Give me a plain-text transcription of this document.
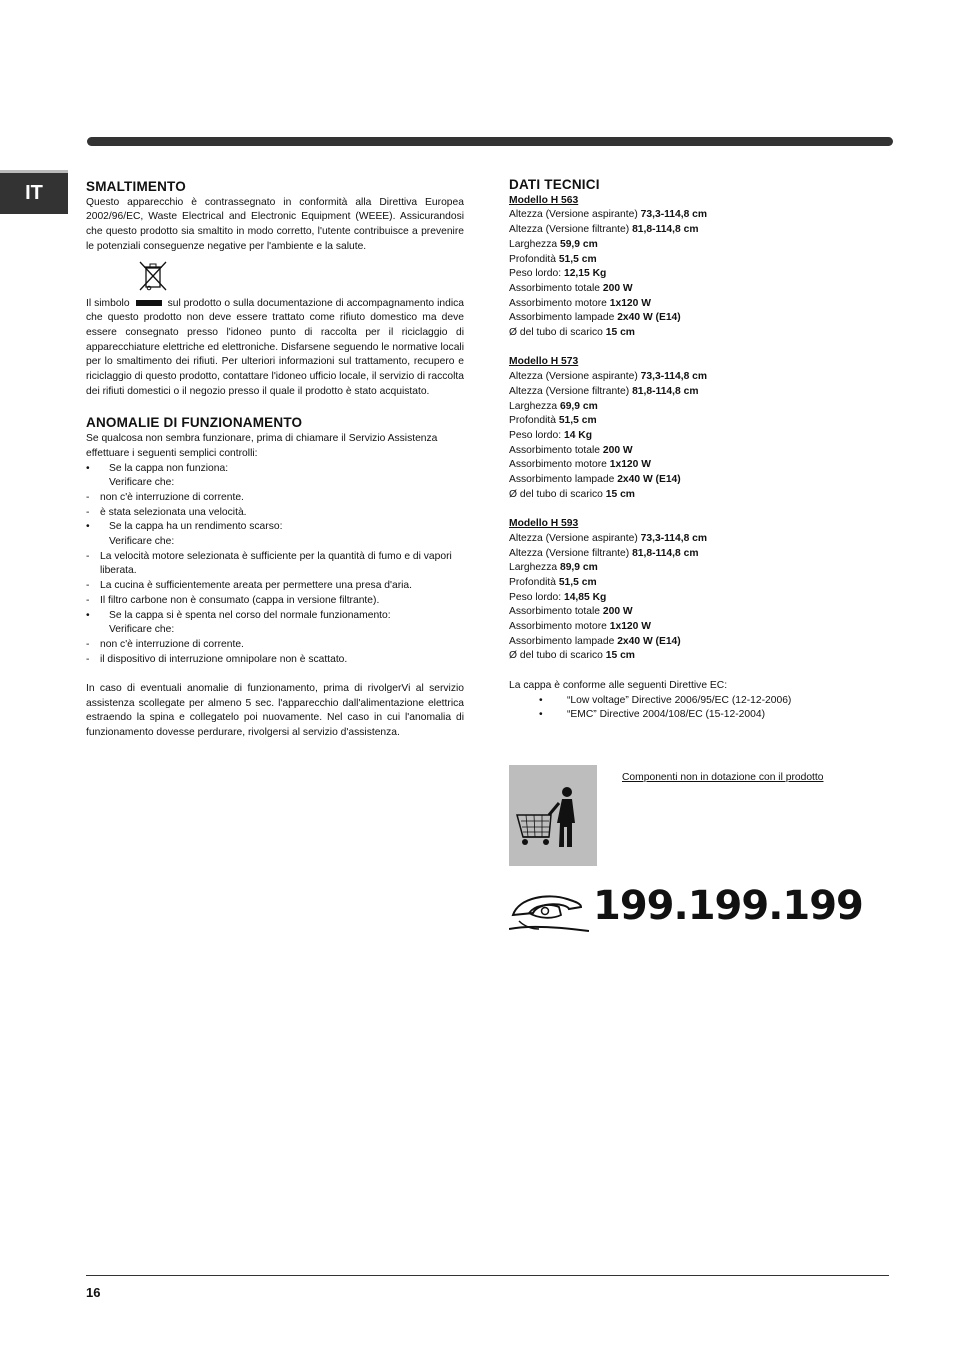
IT	SMALTIMENTO

Questo apparecchio è contrassegnato in conformità alla Direttiva Europea 2002/96/EC, Waste Electrical and Electronic Equipment (WEEE). Assicurandosi che questo prodotto sia smaltito in modo corretto, l'utente contribuisce a prevenire le potenziali conseguenze negative per l'ambiente e la salute.

Il simbolo	sul prodotto o sulla documentazione di accompagnamento indica che questo prodotto non deve essere trattato come rifiuto domestico ma deve essere consegnato presso l'idoneo punto di raccolta per il riciclaggio di apparecchiature elettriche ed elettroniche. Disfarsene seguendo le normative locali per lo smaltimento dei rifiuti. Per ulteriori informazioni sul trattamento, recupero e riciclaggio di questo prodotto, contattare l'idoneo ufficio locale, il servizio di raccolta dei rifiuti domestici o il negozio presso il quale il prodotto è stato acquistato.

ANOMALIE DI FUNZIONAMENTO

Se qualcosa non sembra funzionare, prima di chiamare il Servizio Assistenza effettuare i seguenti semplici controlli:

• Se la cappa non funziona:
Verificare che:
- non c'è interruzione di corrente.
- è stata selezionata una velocità.
• Se la cappa ha un rendimento scarso:
Verificare che:
- La velocità motore selezionata è sufficiente per la quantità di fumo e di vapori liberata.
- La cucina è sufficientemente areata per permettere una presa d'aria.
- Il filtro carbone non è consumato (cappa in versione filtrante).
• Se la cappa si è spenta nel corso del normale funzionamento:
Verificare che:
- non c'è interruzione di corrente.
- il dispositivo di interruzione omnipolare non è scattato.

In caso di eventuali anomalie di funzionamento, prima di rivolgerVi al servizio assistenza scollegate per almeno 5 sec. l'apparecchio dall'alimentazione elettrica estraendo la spina e collegatelo poi nuovamente. Nel caso in cui l'anomalia di funzionamento dovesse perdurare, rivolgersi al servizio d'assistenza.

DATI TECNICI
Modello H 563
Altezza (Versione aspirante) 73,3-114,8 cm
Altezza (Versione filtrante) 81,8-114,8 cm
Larghezza 59,9 cm
Profondità 51,5 cm
Peso lordo: 12,15 Kg
Assorbimento totale 200 W
Assorbimento motore 1x120 W
Assorbimento lampade 2x40 W (E14)
Ø del tubo di scarico 15 cm
Modello H 573
Altezza (Versione aspirante) 73,3-114,8 cm
Altezza (Versione filtrante) 81,8-114,8 cm
Larghezza 69,9 cm
Profondità 51,5 cm
Peso lordo: 14 Kg
Assorbimento totale 200 W
Assorbimento motore 1x120 W
Assorbimento lampade 2x40 W (E14)
Ø del tubo di scarico 15 cm
Modello H 593
Altezza (Versione aspirante) 73,3-114,8 cm
Altezza (Versione filtrante) 81,8-114,8 cm
Larghezza 89,9 cm
Profondità 51,5 cm
Peso lordo: 14,85 Kg
Assorbimento totale 200 W
Assorbimento motore 1x120 W
Assorbimento lampade 2x40 W (E14)
Ø del tubo di scarico 15 cm

La cappa è conforme alle seguenti Direttive EC:

• “Low voltage” Directive 2006/95/EC (12-12-2006)
• “EMC” Directive 2004/108/EC (15-12-2004)
Componenti non in dotazione con il prodotto
199.199.199
16
